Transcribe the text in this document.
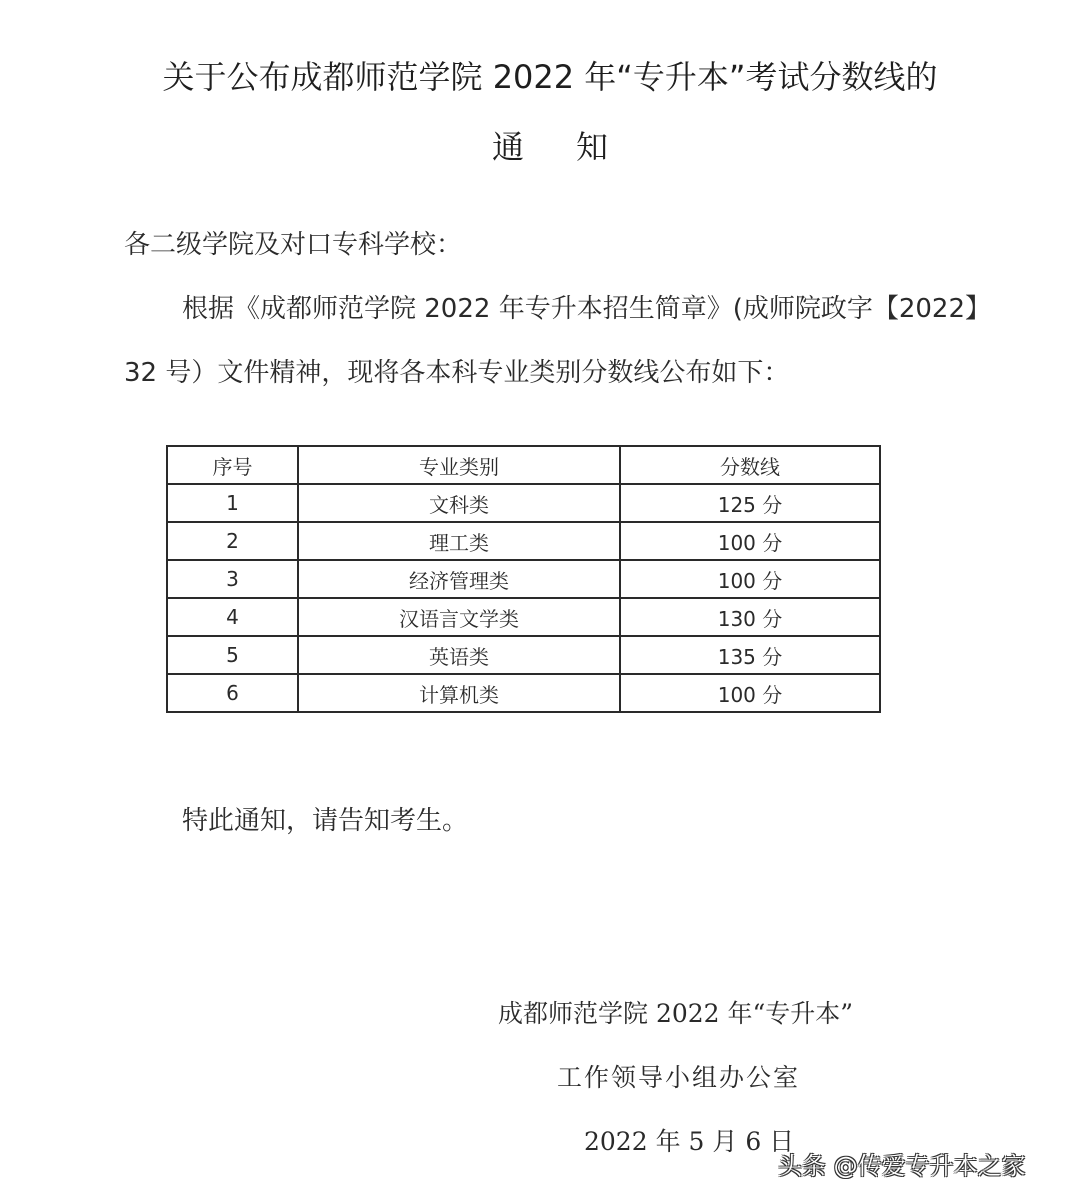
关于公布成都师范学院 2022 年“专升本”考试分数线的
通 知
各二级学院及对口专科学校：
根据《成都师范学院 2022 年专升本招生简章》(成师院政字【2022】
32 号）文件精神，现将各本科专业类别分数线公布如下：
序号	专业类别	分数线
1	文科类	125 分
2	理工类	100 分
3	经济管理类	100 分
4	汉语言文学类	130 分
5	英语类	135 分
6	计算机类	100 分
特此通知，请告知考生。
成都师范学院 2022 年“专升本”
工作领导小组办公室
2022 年 5 月 6 日
头条 @传爱专升本之家
